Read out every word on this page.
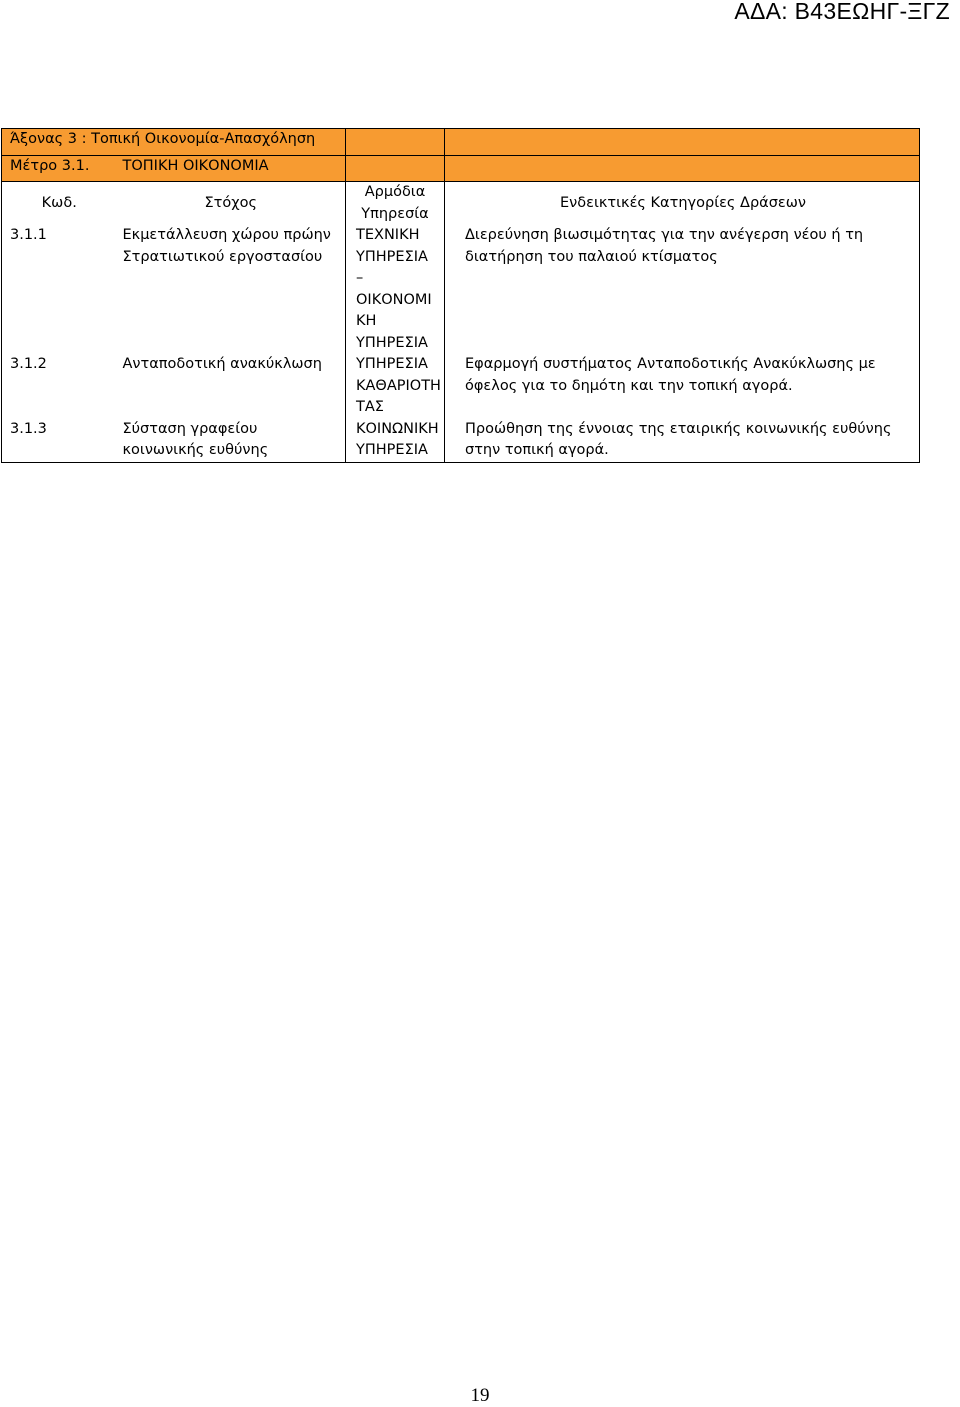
ΑΔΑ: Β43ΕΩΗΓ-ΞΓΖ
Άξονας 3 : Τοπική Οικονομία-Απασχόληση			
Μέτρο 3.1.	ΤΟΠΙΚΗ ΟΙΚΟΝΟΜΙΑ		
Κωδ.	Στόχος	Αρμόδια Υπηρεσία	Ενδεικτικές Κατηγορίες Δράσεων
3.1.1	Εκμετάλλευση χώρου πρώην Στρατιωτικού εργοστασίου	ΤΕΧΝΙΚΗ ΥΠΗΡΕΣΙΑ – ΟΙΚΟΝΟΜΙ ΚΗ ΥΠΗΡΕΣΙΑ	Διερεύνηση βιωσιμότητας για την ανέγερση νέου ή τη διατήρηση του παλαιού κτίσματος
3.1.2	Ανταποδοτική ανακύκλωση	ΥΠΗΡΕΣΙΑ ΚΑΘΑΡΙΟΤΗ ΤΑΣ	Εφαρμογή συστήματος Ανταποδοτικής Ανακύκλωσης με όφελος για το δημότη και την τοπική αγορά.
3.1.3	Σύσταση γραφείου κοινωνικής ευθύνης	ΚΟΙΝΩΝΙΚΗ ΥΠΗΡΕΣΙΑ	Προώθηση της έννοιας της εταιρικής κοινωνικής ευθύνης στην τοπική αγορά.
19
